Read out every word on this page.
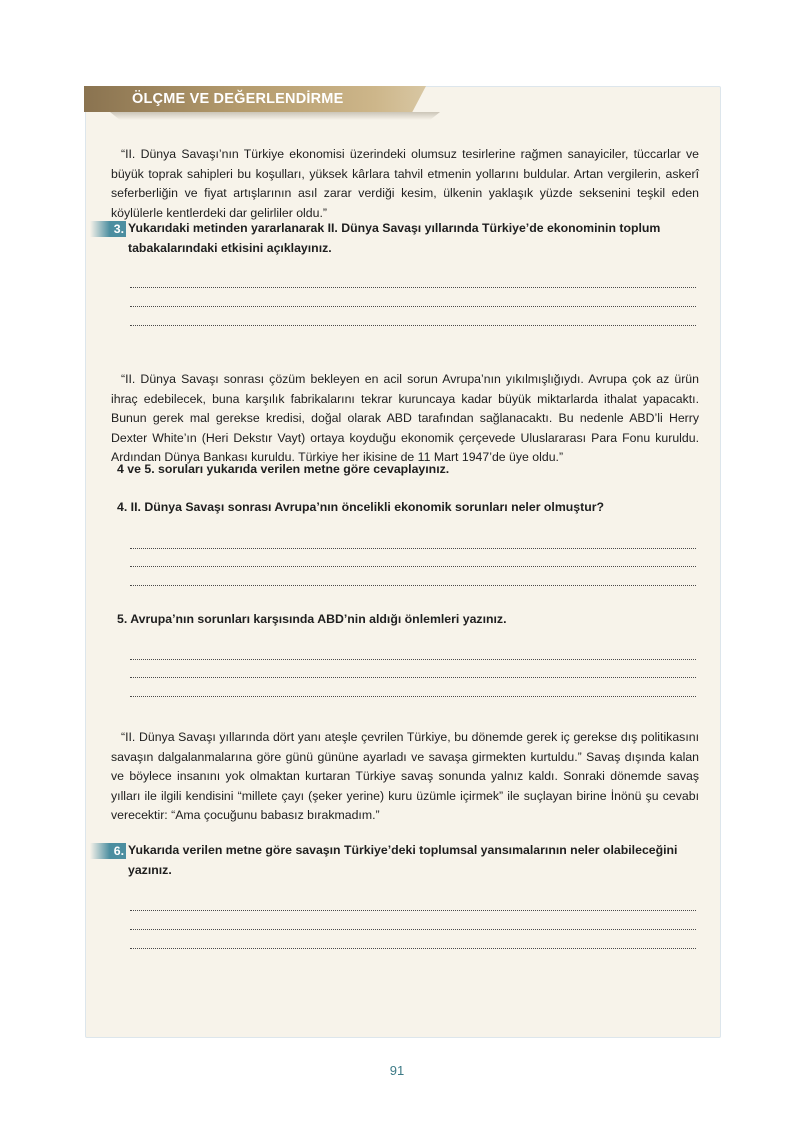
ÖLÇME VE DEĞERLENDİRME

“II. Dünya Savaşı’nın Türkiye ekonomisi üzerindeki olumsuz tesirlerine rağmen sanayiciler, tüccarlar ve büyük toprak sahipleri bu koşulları, yüksek kârlara tahvil etmenin yollarını buldular. Artan vergilerin, askerî seferberliğin ve fiyat artışlarının asıl zarar verdiği kesim, ülkenin yaklaşık yüzde seksenini teşkil eden köylülerle kentlerdeki dar gelirliler oldu.”

3. Yukarıdaki metinden yararlanarak II. Dünya Savaşı yıllarında Türkiye’de ekonominin toplum tabakalarındaki etkisini açıklayınız.

“II. Dünya Savaşı sonrası çözüm bekleyen en acil sorun Avrupa’nın yıkılmışlığıydı. Avrupa çok az ürün ihraç edebilecek, buna karşılık fabrikalarını tekrar kuruncaya kadar büyük miktarlarda ithalat yapacaktı. Bunun gerek mal gerekse kredisi, doğal olarak ABD tarafından sağlanacaktı. Bu nedenle ABD’li Herry Dexter White’ın (Heri Dekstır Vayt) ortaya koyduğu ekonomik çerçevede Uluslararası Para Fonu kuruldu. Ardından Dünya Bankası kuruldu. Türkiye her ikisine de 11 Mart 1947’de üye oldu.”

4 ve 5. soruları yukarıda verilen metne göre cevaplayınız.

4. II. Dünya Savaşı sonrası Avrupa’nın öncelikli ekonomik sorunları neler olmuştur?

5. Avrupa’nın sorunları karşısında ABD’nin aldığı önlemleri yazınız.

“II. Dünya Savaşı yıllarında dört yanı ateşle çevrilen Türkiye, bu dönemde gerek iç gerekse dış politikasını savaşın dalgalanmalarına göre günü gününe ayarladı ve savaşa girmekten kurtuldu.” Savaş dışında kalan ve böylece insanını yok olmaktan kurtaran Türkiye savaş sonunda yalnız kaldı. Sonraki dönemde savaş yılları ile ilgili kendisini “millete çayı (şeker yerine) kuru üzümle içirmek” ile suçlayan birine İnönü şu cevabı verecektir: “Ama çocuğunu babasız bırakmadım.”

6. Yukarıda verilen metne göre savaşın Türkiye’deki toplumsal yansımalarının neler olabileceğini yazınız.

91
